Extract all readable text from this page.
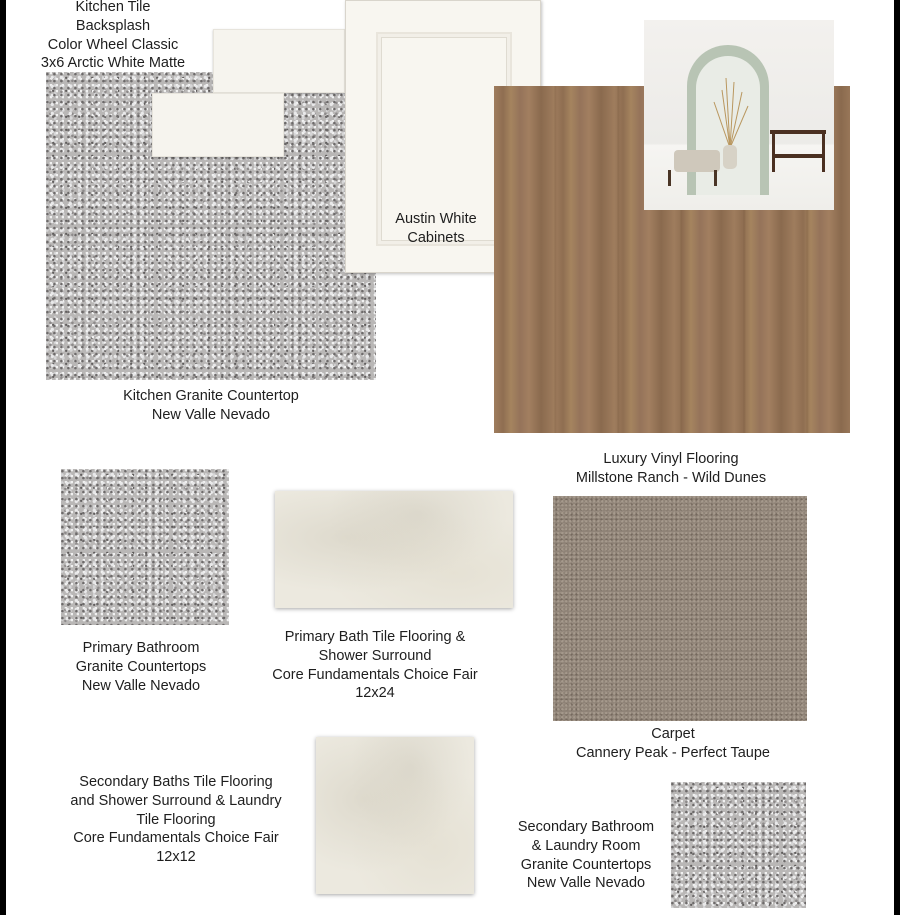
Kitchen Tile
Backsplash
Color Wheel Classic
3x6 Arctic White Matte
Austin White
Cabinets
Kitchen Granite Countertop
New Valle Nevado
Luxury Vinyl Flooring
Millstone Ranch - Wild Dunes
Primary Bathroom
Granite Countertops
New Valle Nevado
Primary Bath Tile Flooring &
Shower Surround
Core Fundamentals Choice Fair
12x24
Carpet
Cannery Peak - Perfect Taupe
Secondary Baths Tile Flooring
and Shower Surround & Laundry
Tile Flooring
Core Fundamentals Choice Fair
12x12
Secondary Bathroom
& Laundry Room
Granite Countertops
New Valle Nevado
